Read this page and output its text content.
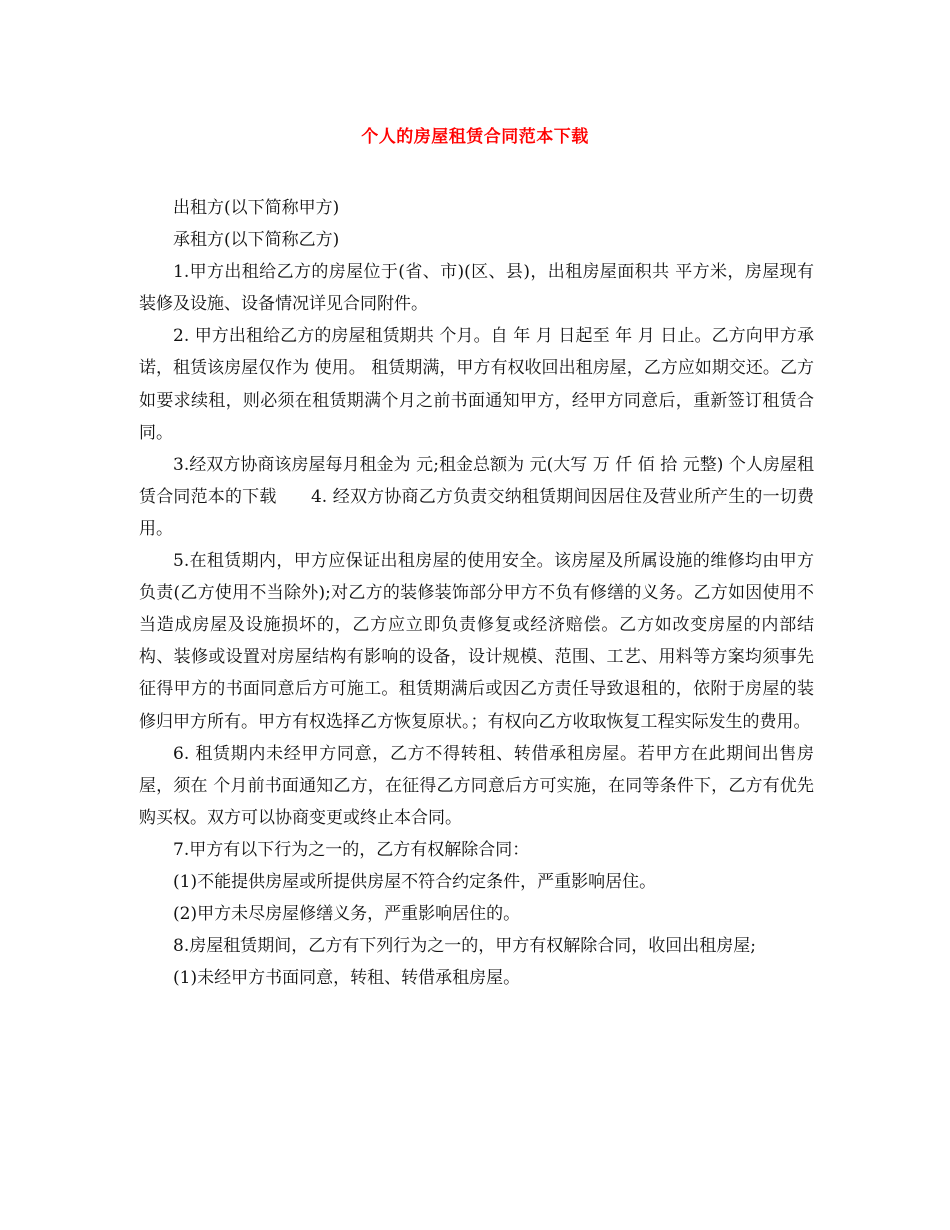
个人的房屋租赁合同范本下载

出租方(以下简称甲方)

承租方(以下简称乙方)

1.甲方出租给乙方的房屋位于(省、市)(区、县)，出租房屋面积共 平方米，房屋现有装修及设施、设备情况详见合同附件。

2. 甲方出租给乙方的房屋租赁期共 个月。自 年 月 日起至 年 月 日止。乙方向甲方承诺，租赁该房屋仅作为 使用。 租赁期满，甲方有权收回出租房屋，乙方应如期交还。乙方如要求续租，则必须在租赁期满个月之前书面通知甲方，经甲方同意后，重新签订租赁合同。

3.经双方协商该房屋每月租金为 元;租金总额为 元(大写 万 仟 佰 拾 元整) 个人房屋租赁合同范本的下载　　4. 经双方协商乙方负责交纳租赁期间因居住及营业所产生的一切费用。

5.在租赁期内，甲方应保证出租房屋的使用安全。该房屋及所属设施的维修均由甲方负责(乙方使用不当除外);对乙方的装修装饰部分甲方不负有修缮的义务。乙方如因使用不当造成房屋及设施损坏的，乙方应立即负责修复或经济赔偿。乙方如改变房屋的内部结构、装修或设置对房屋结构有影响的设备，设计规模、范围、工艺、用料等方案均须事先征得甲方的书面同意后方可施工。租赁期满后或因乙方责任导致退租的，依附于房屋的装修归甲方所有。甲方有权选择乙方恢复原状。；有权向乙方收取恢复工程实际发生的费用。

6. 租赁期内未经甲方同意，乙方不得转租、转借承租房屋。若甲方在此期间出售房屋，须在 个月前书面通知乙方，在征得乙方同意后方可实施，在同等条件下，乙方有优先购买权。双方可以协商变更或终止本合同。

7.甲方有以下行为之一的，乙方有权解除合同：

(1)不能提供房屋或所提供房屋不符合约定条件，严重影响居住。

(2)甲方未尽房屋修缮义务，严重影响居住的。

8.房屋租赁期间，乙方有下列行为之一的，甲方有权解除合同，收回出租房屋;

(1)未经甲方书面同意，转租、转借承租房屋。
